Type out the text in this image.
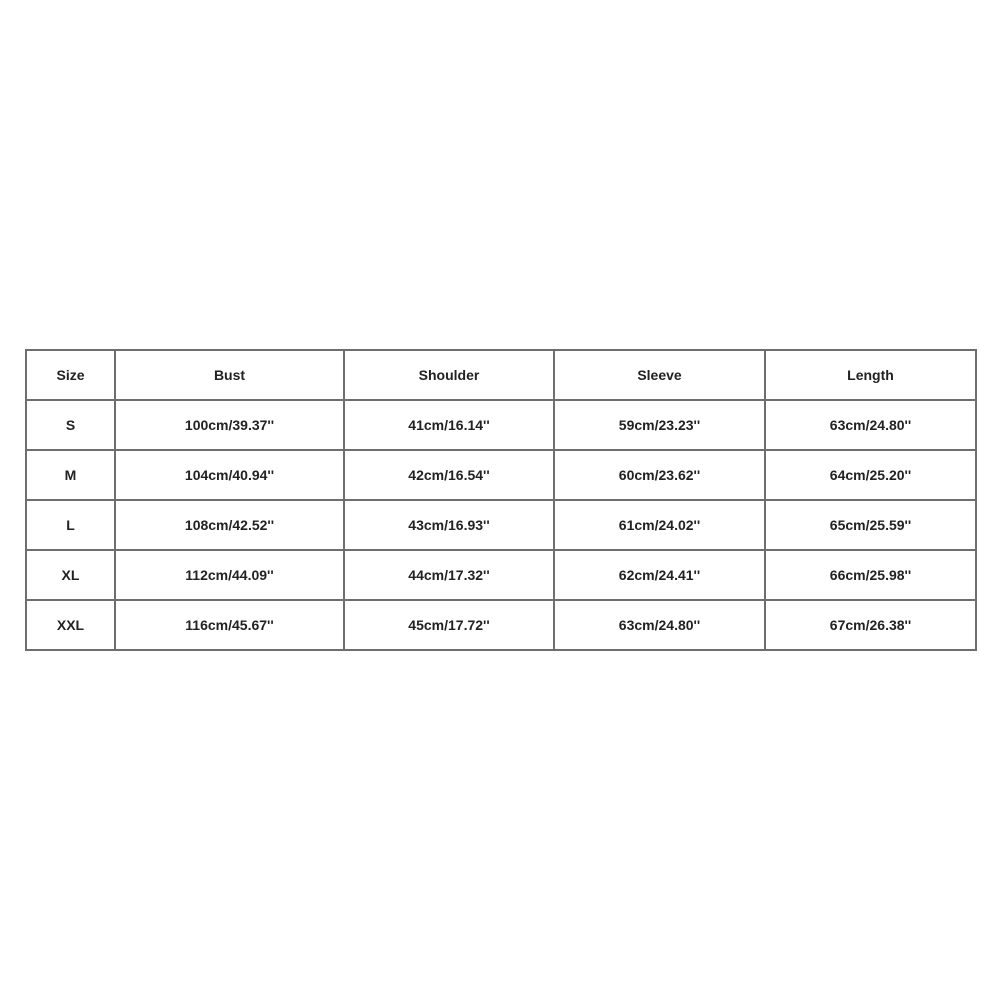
Size	Bust	Shoulder	Sleeve	Length
S	100cm/39.37''	41cm/16.14''	59cm/23.23''	63cm/24.80''
M	104cm/40.94''	42cm/16.54''	60cm/23.62''	64cm/25.20''
L	108cm/42.52''	43cm/16.93''	61cm/24.02''	65cm/25.59''
XL	112cm/44.09''	44cm/17.32''	62cm/24.41''	66cm/25.98''
XXL	116cm/45.67''	45cm/17.72''	63cm/24.80''	67cm/26.38''
